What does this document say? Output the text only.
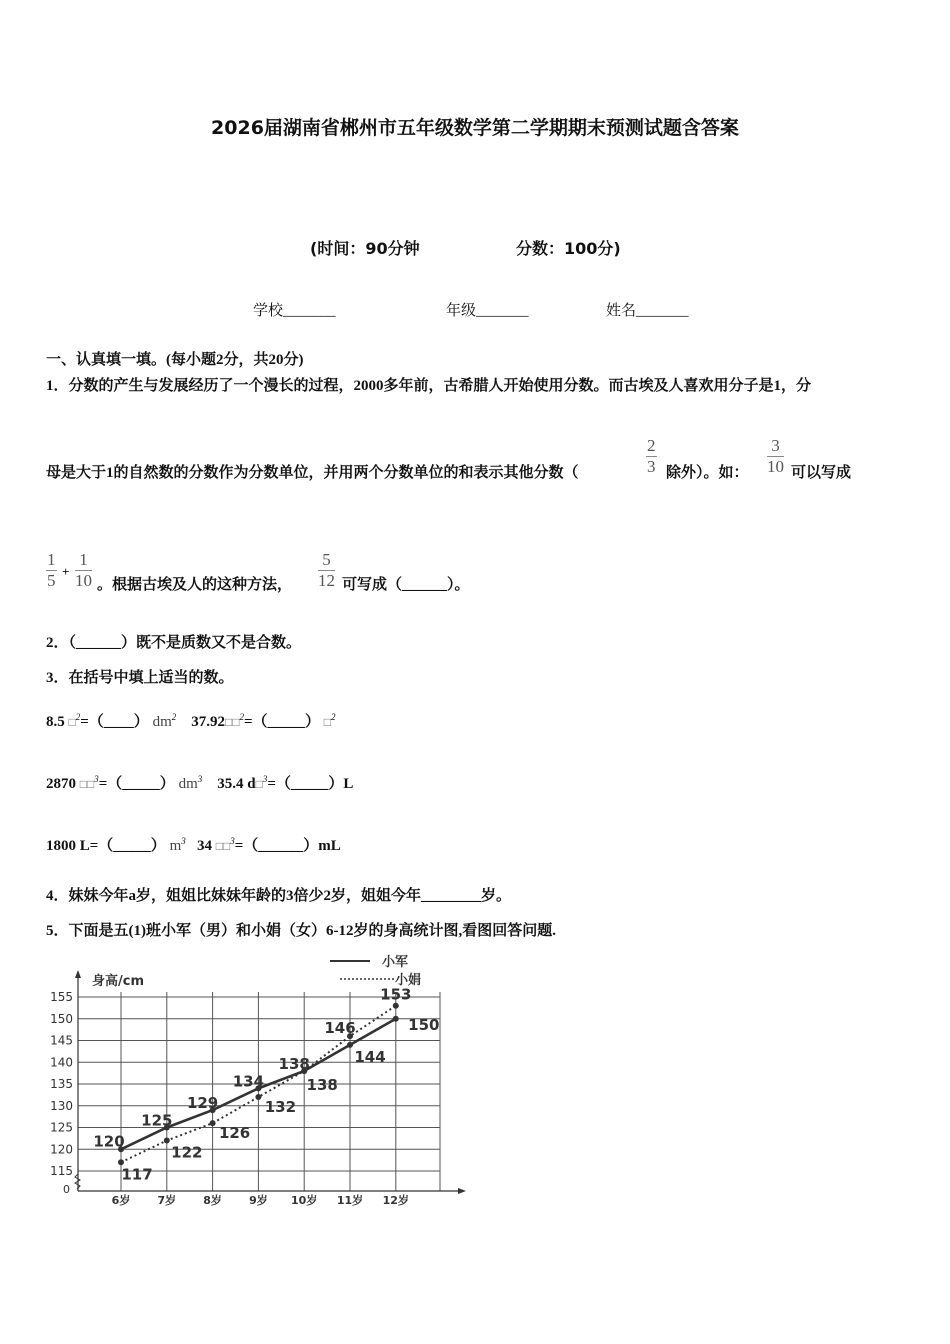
2026届湖南省郴州市五年级数学第二学期期末预测试题含答案
(时间：90分钟	分数：100分)
学校_______	年级_______	姓名_______
一、认真填一填。(每小题2分，共20分)
1．分数的产生与发展经历了一个漫长的过程，2000多年前，古希腊人开始使用分数。而古埃及人喜欢用分子是1，分
母是大于1的自然数的分数作为分数单位，并用两个分数单位的和表示其他分数（	$\frac{2}{3}$ 除外）。如： $\frac{3}{10}$ 可以写成
$\frac{1}{5} + \frac{1}{10}$ 。根据古埃及人的这种方法， $\frac{5}{12}$ 可写成（______）。
2．（______）既不是质数又不是合数。
3．在括号中填上适当的数。
8.5 □$^2$=（____） $dm^2$ 37.92□□$^2$=（_____） □$^2$
2870 □□$^3$=（_____） $dm^3$ 35.4 d□$^3$=（_____）L
1800 L=（_____） $m^3$ 34 □□$^3$=（______）mL
4．妹妹今年a岁，姐姐比妹妹年龄的3倍少2岁，姐姐今年________岁。
5．下面是五(1)班小军（男）和小娟（女）6-12岁的身高统计图,看图回答问题.
155
150
145
140
135
130
125
120
115
6岁 7岁 8岁 9岁 10岁 11岁 12岁
0
身高/cm
小军
小娟
120
125
129
134	138
144
150
117
122
126
132
138
146
153
